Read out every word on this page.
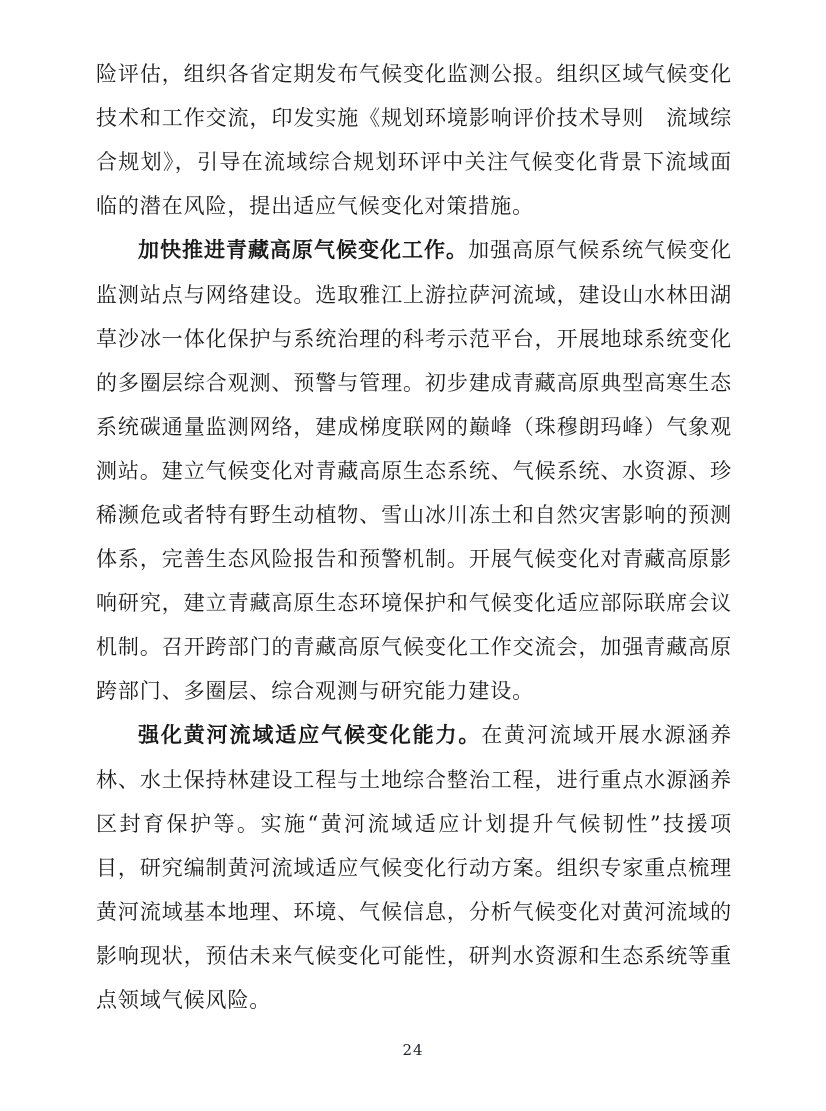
险评估，组织各省定期发布气候变化监测公报。组织区域气候变化技术和工作交流，印发实施《规划环境影响评价技术导则　流域综合规划》，引导在流域综合规划环评中关注气候变化背景下流域面临的潜在风险，提出适应气候变化对策措施。

加快推进青藏高原气候变化工作。加强高原气候系统气候变化监测站点与网络建设。选取雅江上游拉萨河流域，建设山水林田湖草沙冰一体化保护与系统治理的科考示范平台，开展地球系统变化的多圈层综合观测、预警与管理。初步建成青藏高原典型高寒生态系统碳通量监测网络，建成梯度联网的巅峰（珠穆朗玛峰）气象观测站。建立气候变化对青藏高原生态系统、气候系统、水资源、珍稀濒危或者特有野生动植物、雪山冰川冻土和自然灾害影响的预测体系，完善生态风险报告和预警机制。开展气候变化对青藏高原影响研究，建立青藏高原生态环境保护和气候变化适应部际联席会议机制。召开跨部门的青藏高原气候变化工作交流会，加强青藏高原跨部门、多圈层、综合观测与研究能力建设。

强化黄河流域适应气候变化能力。在黄河流域开展水源涵养林、水土保持林建设工程与土地综合整治工程，进行重点水源涵养区封育保护等。实施“黄河流域适应计划提升气候韧性”技援项目，研究编制黄河流域适应气候变化行动方案。组织专家重点梳理黄河流域基本地理、环境、气候信息，分析气候变化对黄河流域的影响现状，预估未来气候变化可能性，研判水资源和生态系统等重点领域气候风险。

24
